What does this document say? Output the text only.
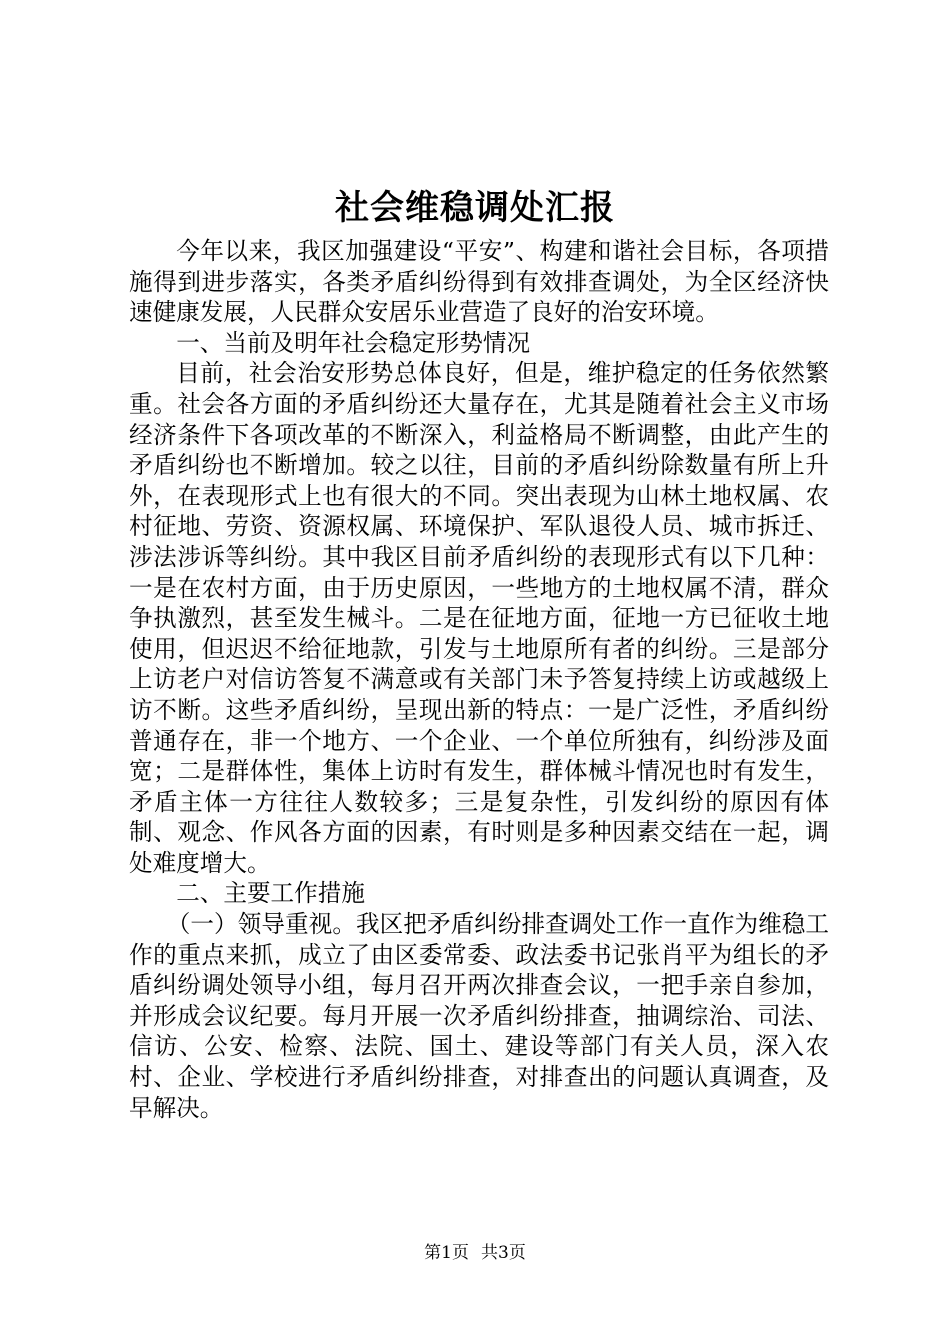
社会维稳调处汇报

今年以来，我区加强建设“平安”、构建和谐社会目标，各项措施得到进步落实，各类矛盾纠纷得到有效排查调处，为全区经济快速健康发展，人民群众安居乐业营造了良好的治安环境。

一、当前及明年社会稳定形势情况

目前，社会治安形势总体良好，但是，维护稳定的任务依然繁重。社会各方面的矛盾纠纷还大量存在，尤其是随着社会主义市场经济条件下各项改革的不断深入，利益格局不断调整，由此产生的矛盾纠纷也不断增加。较之以往，目前的矛盾纠纷除数量有所上升外，在表现形式上也有很大的不同。突出表现为山林土地权属、农村征地、劳资、资源权属、环境保护、军队退役人员、城市拆迁、涉法涉诉等纠纷。其中我区目前矛盾纠纷的表现形式有以下几种：一是在农村方面，由于历史原因，一些地方的土地权属不清，群众争执激烈，甚至发生械斗。二是在征地方面，征地一方已征收土地使用，但迟迟不给征地款，引发与土地原所有者的纠纷。三是部分上访老户对信访答复不满意或有关部门未予答复持续上访或越级上访不断。这些矛盾纠纷，呈现出新的特点：一是广泛性，矛盾纠纷普通存在，非一个地方、一个企业、一个单位所独有，纠纷涉及面宽；二是群体性，集体上访时有发生，群体械斗情况也时有发生，矛盾主体一方往往人数较多；三是复杂性，引发纠纷的原因有体制、观念、作风各方面的因素，有时则是多种因素交结在一起，调处难度增大。

二、主要工作措施

（一）领导重视。我区把矛盾纠纷排查调处工作一直作为维稳工作的重点来抓，成立了由区委常委、政法委书记张肖平为组长的矛盾纠纷调处领导小组，每月召开两次排查会议，一把手亲自参加，并形成会议纪要。每月开展一次矛盾纠纷排查，抽调综治、司法、信访、公安、检察、法院、国土、建设等部门有关人员，深入农村、企业、学校进行矛盾纠纷排查，对排查出的问题认真调查，及早解决。

第1页 共3页
